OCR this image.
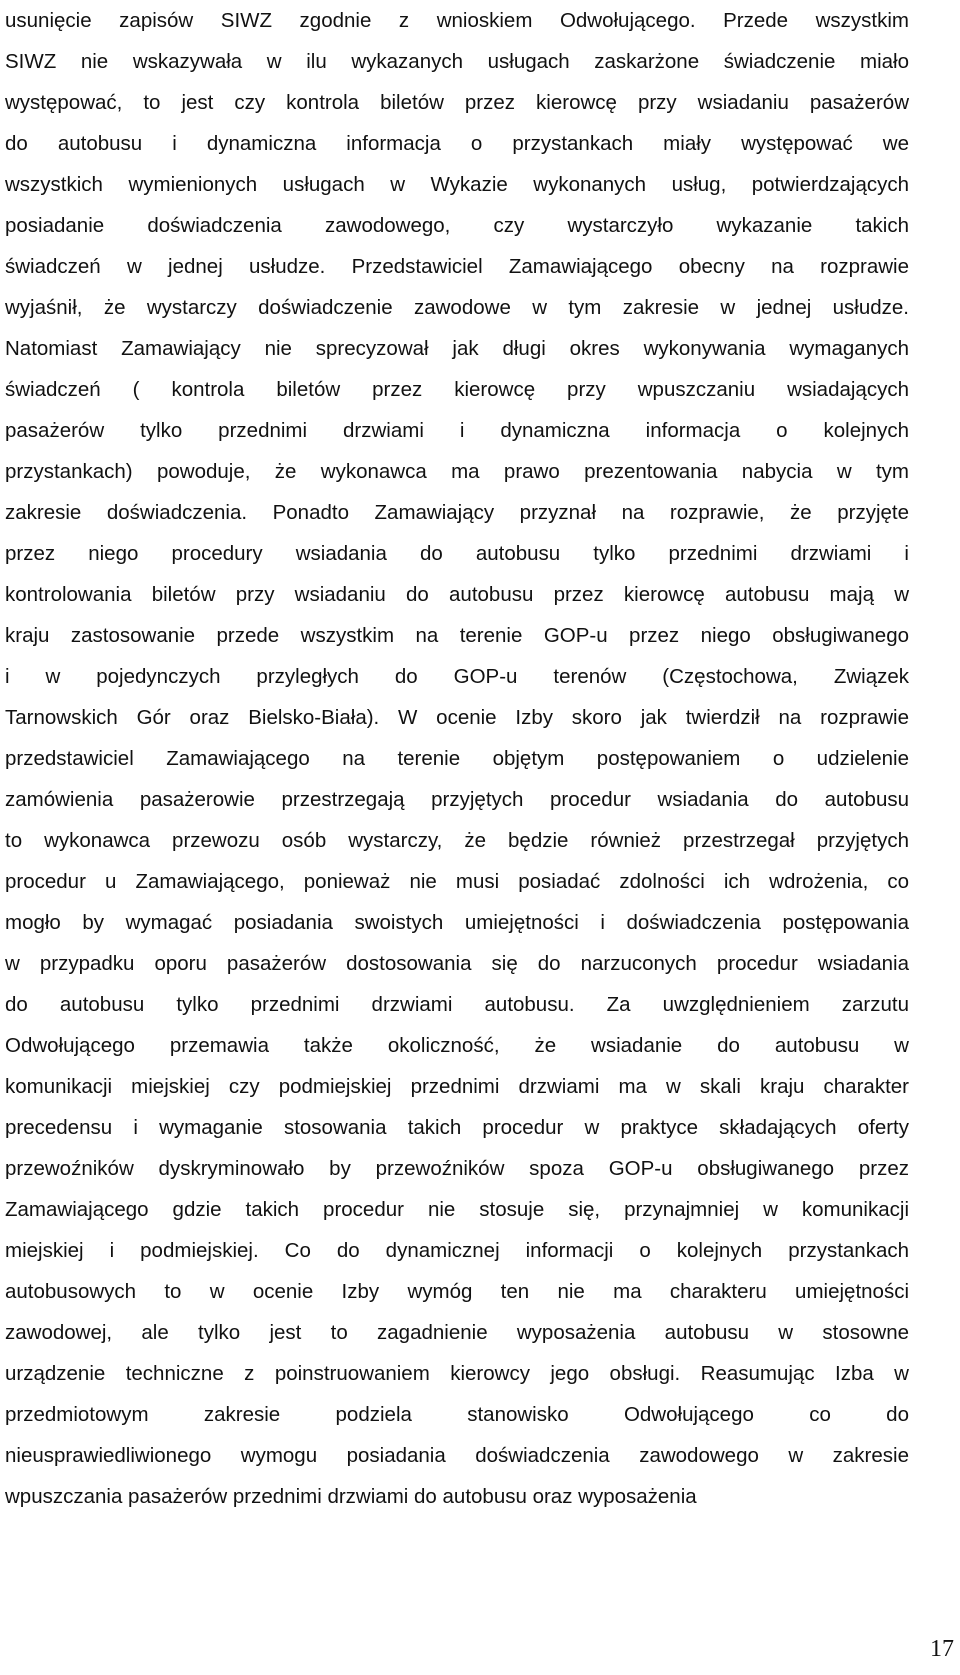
usunięcie zapisów SIWZ zgodnie z wnioskiem Odwołującego. Przede wszystkim
SIWZ nie wskazywała w ilu wykazanych usługach zaskarżone świadczenie miało
występować, to jest czy kontrola biletów przez kierowcę przy wsiadaniu pasażerów
do autobusu i dynamiczna informacja o przystankach miały występować we
wszystkich wymienionych usługach w Wykazie wykonanych usług, potwierdzających
posiadanie doświadczenia zawodowego, czy wystarczyło wykazanie takich
świadczeń w jednej usłudze. Przedstawiciel Zamawiającego obecny na rozprawie
wyjaśnił, że wystarczy doświadczenie zawodowe w tym zakresie w jednej usłudze.
Natomiast Zamawiający nie sprecyzował jak długi okres wykonywania wymaganych
świadczeń ( kontrola biletów przez kierowcę przy wpuszczaniu wsiadających
pasażerów tylko przednimi drzwiami i dynamiczna informacja o kolejnych
przystankach) powoduje, że wykonawca ma prawo prezentowania nabycia w tym
zakresie doświadczenia. Ponadto Zamawiający przyznał na rozprawie, że przyjęte
przez niego procedury wsiadania do autobusu tylko przednimi drzwiami i
kontrolowania biletów przy wsiadaniu do autobusu przez kierowcę autobusu mają w
kraju zastosowanie przede wszystkim na terenie GOP-u przez niego obsługiwanego
i w pojedynczych przyległych do GOP-u terenów (Częstochowa, Związek
Tarnowskich Gór oraz Bielsko-Biała). W ocenie Izby skoro jak twierdził na rozprawie
przedstawiciel Zamawiającego na terenie objętym postępowaniem o udzielenie
zamówienia pasażerowie przestrzegają przyjętych procedur wsiadania do autobusu
to wykonawca przewozu osób wystarczy, że będzie również przestrzegał przyjętych
procedur u Zamawiającego, ponieważ nie musi posiadać zdolności ich wdrożenia, co
mogło by wymagać posiadania swoistych umiejętności i doświadczenia postępowania
w przypadku oporu pasażerów dostosowania się do narzuconych procedur wsiadania
do autobusu tylko przednimi drzwiami autobusu. Za uwzględnieniem zarzutu
Odwołującego przemawia także okoliczność, że wsiadanie do autobusu w
komunikacji miejskiej czy podmiejskiej przednimi drzwiami ma w skali kraju charakter
precedensu i wymaganie stosowania takich procedur w praktyce składających oferty
przewoźników dyskryminowało by przewoźników spoza GOP-u obsługiwanego przez
Zamawiającego gdzie takich procedur nie stosuje się, przynajmniej w komunikacji
miejskiej i podmiejskiej. Co do dynamicznej informacji o kolejnych przystankach
autobusowych to w ocenie Izby wymóg ten nie ma charakteru umiejętności
zawodowej, ale tylko jest to zagadnienie wyposażenia autobusu w stosowne
urządzenie techniczne z poinstruowaniem kierowcy jego obsługi. Reasumując Izba w
przedmiotowym zakresie podziela stanowisko Odwołującego co do
nieusprawiedliwionego wymogu posiadania doświadczenia zawodowego w zakresie
wpuszczania pasażerów przednimi drzwiami do autobusu oraz wyposażenia
17
